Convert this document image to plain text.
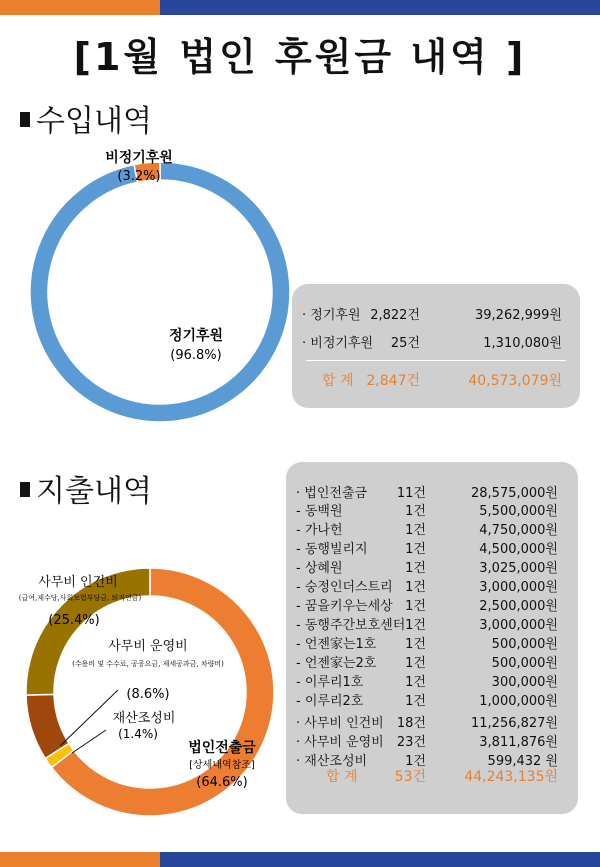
[1월 법인 후원금 내역 ]
수입내역
비정기후원
(3.2%)
정기후원
(96.8%)
· 정기후원 2,822건	39,262,999원
· 비정기후원 25건	1,310,080원
합 계 2,847건	40,573,079원
지출내역
사무비 인건비
(급여,제수당,사회보험부담금, 퇴직연금)
(25.4%)
사무비 운영비
(수용비 및 수수료, 공공요금, 제세공과금, 차량비)
(8.6%)
재산조성비
(1.4%)
법인전출금
[상세내역참조]
(64.6%)
· 법인전출금 11건	28,575,000원
- 동백원	1건	5,500,000원
- 가나헌	1건	4,750,000원
- 동행빌리지	1건	4,500,000원
- 상혜원	1건	3,025,000원
- 숭정인더스트리 1건	3,000,000원
- 꿈을키우는세상 1건	2,500,000원
- 동행주간보호센터 1건	3,000,000원
- 언젠家는1호 1건	500,000원
- 언젠家는2호 1건	500,000원
- 이루리1호	1건	300,000원
- 이루리2호	1건	1,000,000원
· 사무비 인건비 18건	11,256,827원
· 사무비 운영비 23건	3,811,876원
· 재산조성비	1건	599,432 원
합 계	53건	44,243,135원
